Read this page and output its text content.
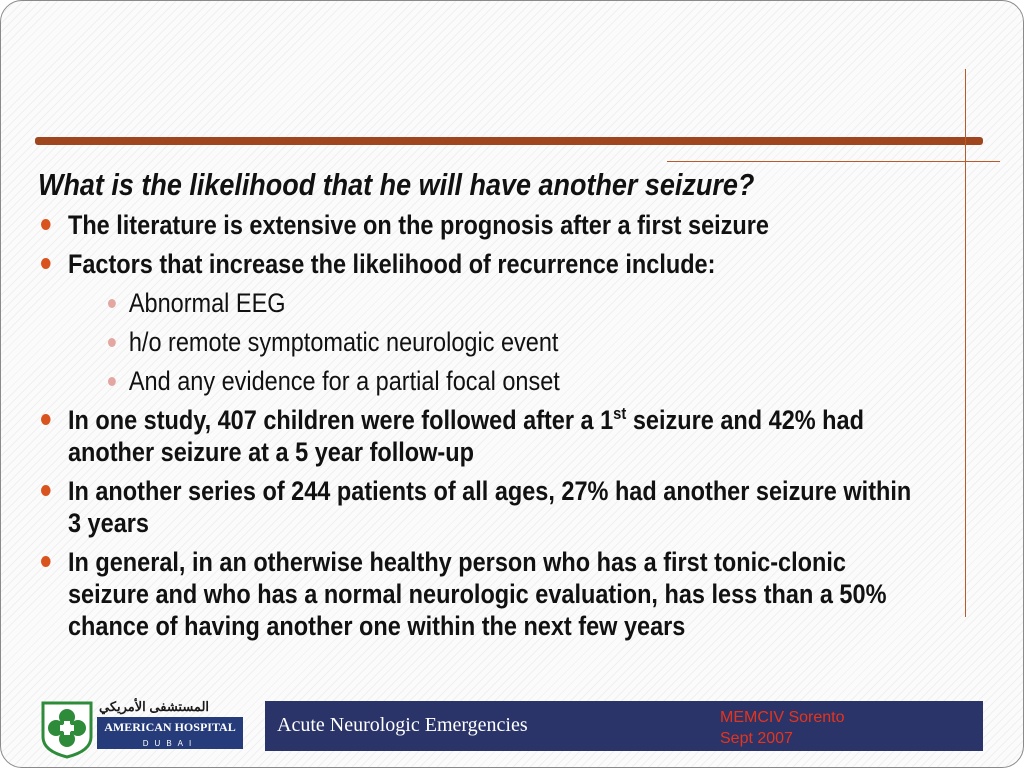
What is the likelihood that he will have another seizure?
The literature is extensive on the prognosis after a first seizure
Factors that increase the likelihood of recurrence include:
Abnormal EEG
h/o remote symptomatic neurologic event
And any evidence for a partial focal onset
In one study, 407 children were followed after a 1st seizure and 42% had another seizure at a 5 year follow-up
In another series of 244 patients of all ages, 27% had another seizure within 3 years
In general, in an otherwise healthy person who has a first tonic-clonic seizure and who has a normal neurologic evaluation, has less than a 50% chance of having another one within the next few years
المستشفى الأمريكي
AMERICAN HOSPITAL
DUBAI
Acute Neurologic Emergencies	MEMCIV Sorento
Sept 2007
